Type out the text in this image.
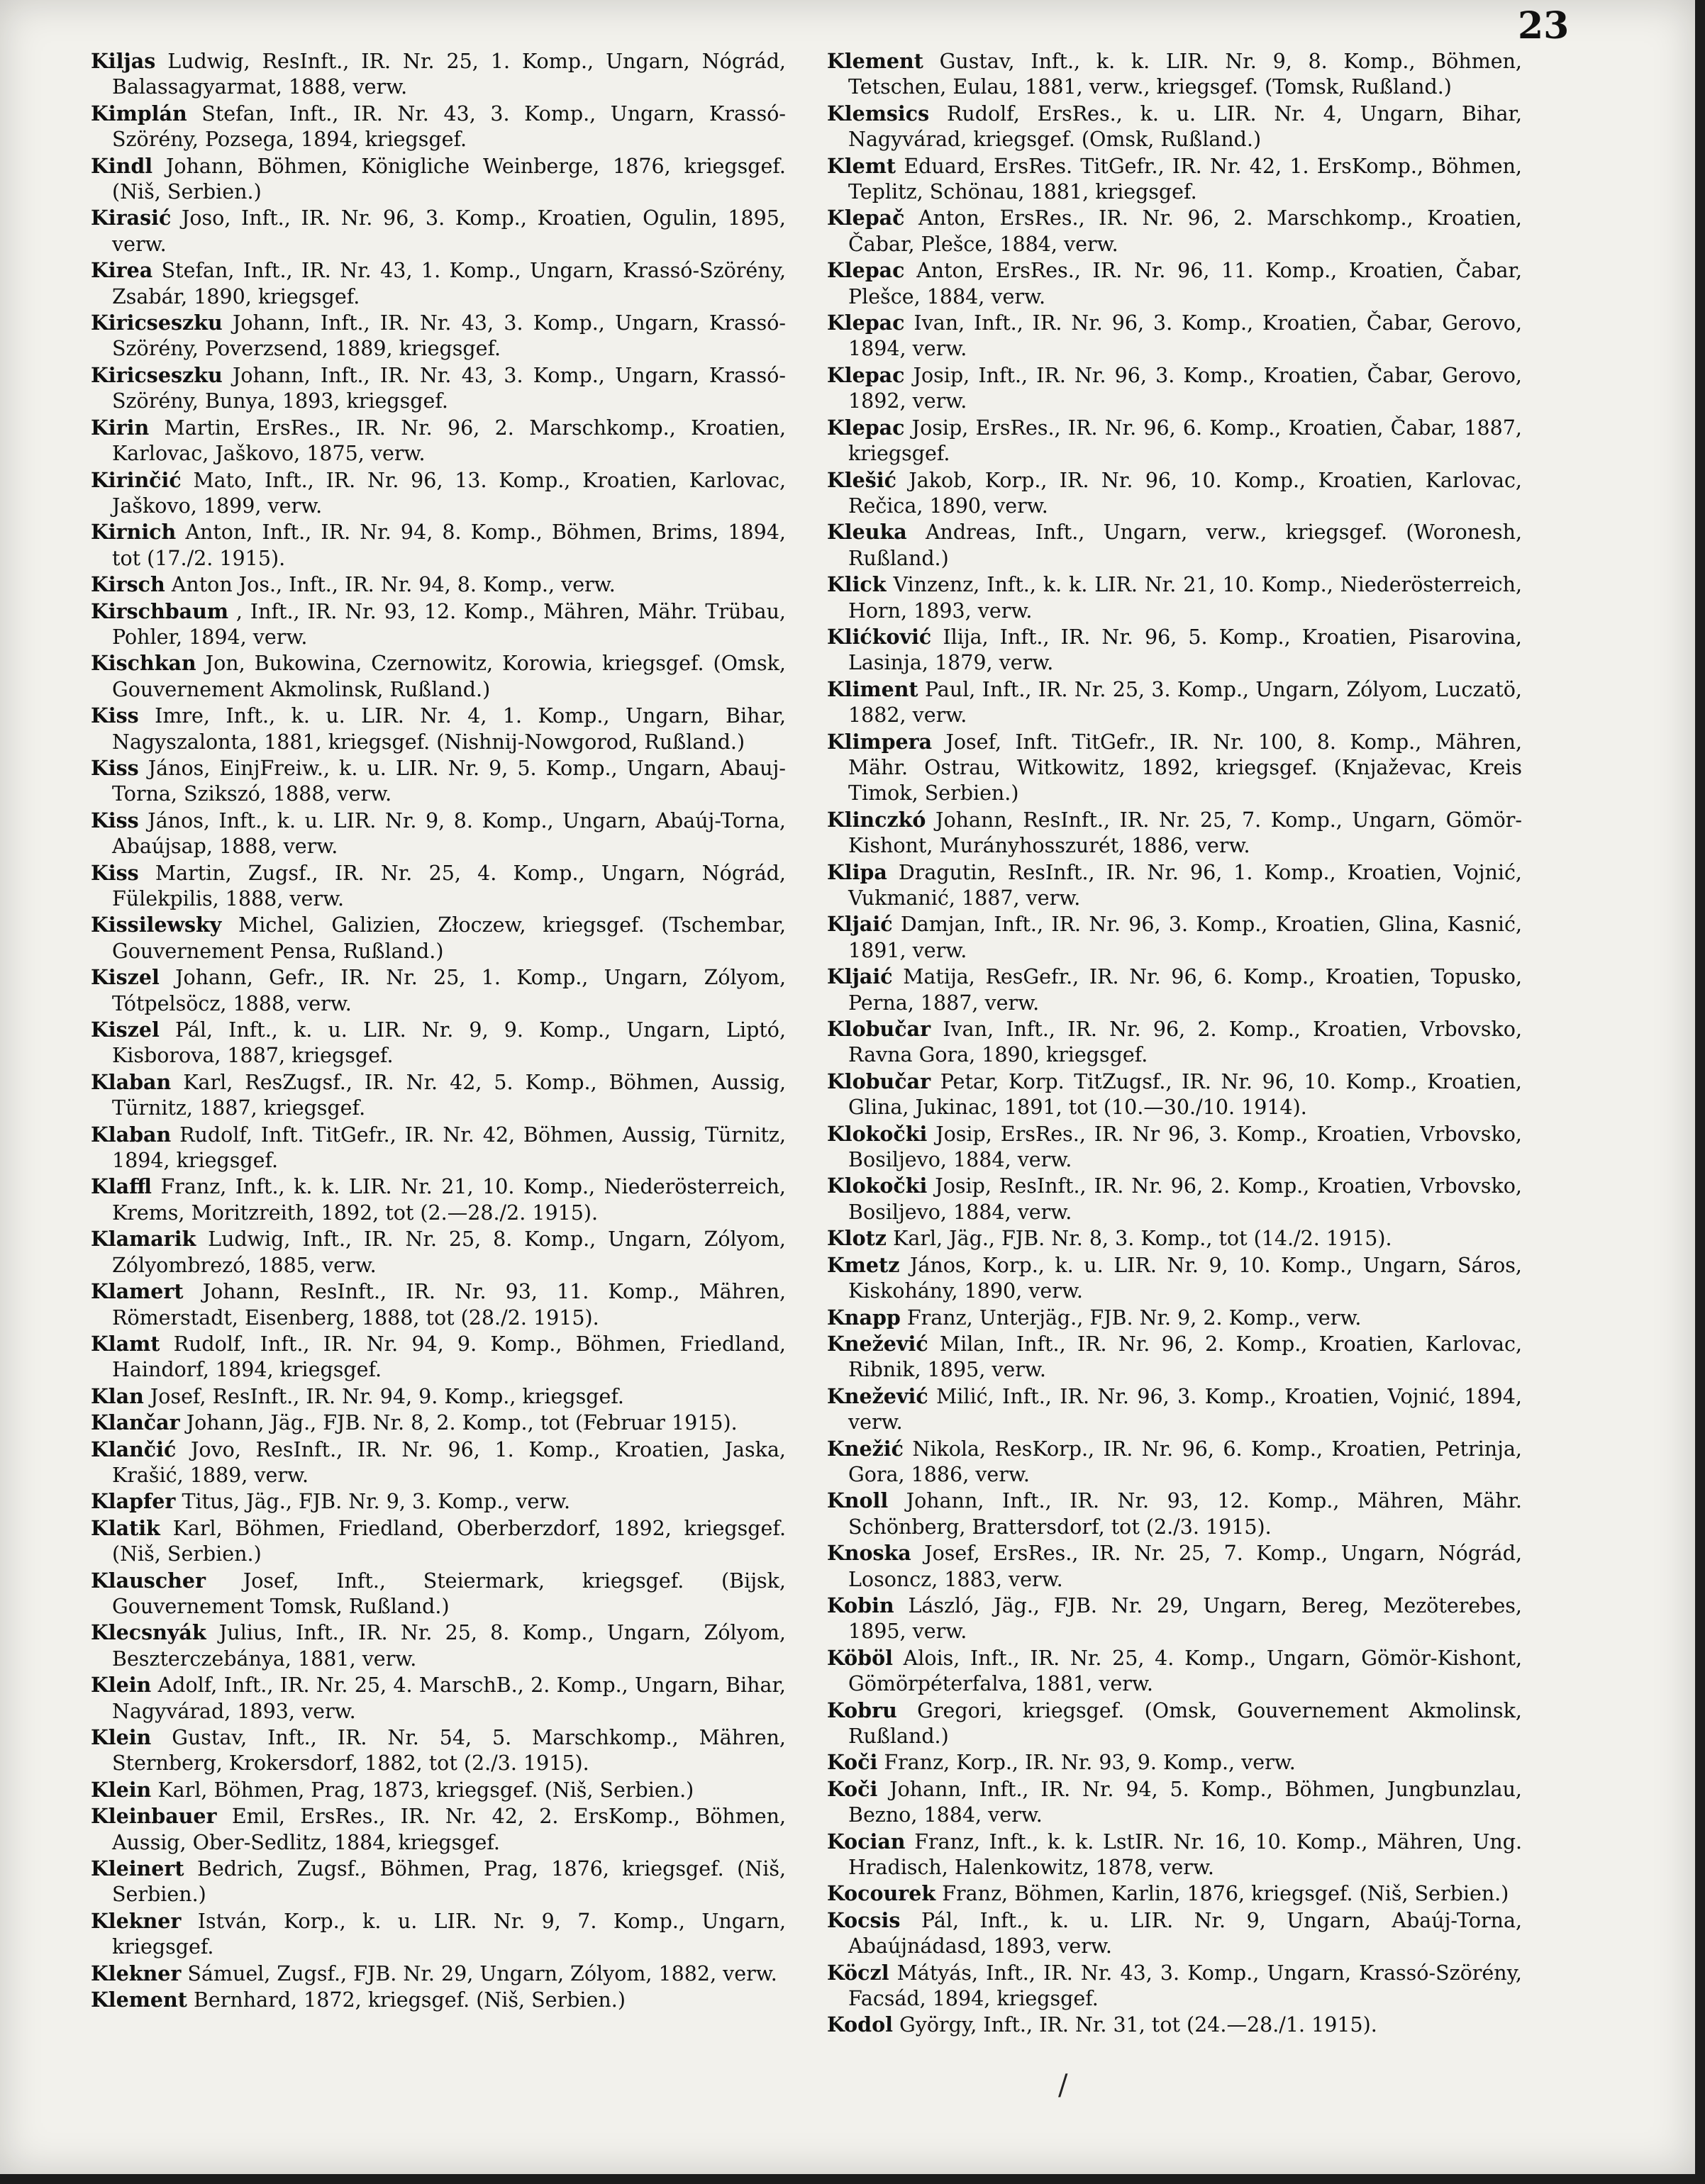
23

Kiljas Ludwig, ResInft., IR. Nr. 25, 1. Komp., Ungarn, Nógrád, Balassagyarmat, 1888, verw.

Kimplán Stefan, Inft., IR. Nr. 43, 3. Komp., Ungarn, Krassó-Szörény, Pozsega, 1894, kriegsgef.

Kindl Johann, Böhmen, Königliche Weinberge, 1876, kriegsgef. (Niš, Serbien.)

Kirasić Joso, Inft., IR. Nr. 96, 3. Komp., Kroatien, Ogulin, 1895, verw.

Kirea Stefan, Inft., IR. Nr. 43, 1. Komp., Ungarn, Krassó-Szörény, Zsabár, 1890, kriegsgef.

Kiricseszku Johann, Inft., IR. Nr. 43, 3. Komp., Ungarn, Krassó-Szörény, Poverzsend, 1889, kriegsgef.

Kiricseszku Johann, Inft., IR. Nr. 43, 3. Komp., Ungarn, Krassó-Szörény, Bunya, 1893, kriegsgef.

Kirin Martin, ErsRes., IR. Nr. 96, 2. Marschkomp., Kroatien, Karlovac, Jaškovo, 1875, verw.

Kirinčić Mato, Inft., IR. Nr. 96, 13. Komp., Kroatien, Karlovac, Jaškovo, 1899, verw.

Kirnich Anton, Inft., IR. Nr. 94, 8. Komp., Böhmen, Brims, 1894, tot (17./2. 1915).

Kirsch Anton Jos., Inft., IR. Nr. 94, 8. Komp., verw.

Kirschbaum , Inft., IR. Nr. 93, 12. Komp., Mähren, Mähr. Trübau, Pohler, 1894, verw.

Kischkan Jon, Bukowina, Czernowitz, Korowia, kriegsgef. (Omsk, Gouvernement Akmolinsk, Rußland.)

Kiss Imre, Inft., k. u. LIR. Nr. 4, 1. Komp., Ungarn, Bihar, Nagyszalonta, 1881, kriegsgef. (Nishnij-Nowgorod, Rußland.)

Kiss János, EinjFreiw., k. u. LIR. Nr. 9, 5. Komp., Ungarn, Abauj-Torna, Szikszó, 1888, verw.

Kiss János, Inft., k. u. LIR. Nr. 9, 8. Komp., Ungarn, Abaúj-Torna, Abaújsap, 1888, verw.

Kiss Martin, Zugsf., IR. Nr. 25, 4. Komp., Ungarn, Nógrád, Fülekpilis, 1888, verw.

Kissilewsky Michel, Galizien, Złoczew, kriegsgef. (Tschembar, Gouvernement Pensa, Rußland.)

Kiszel Johann, Gefr., IR. Nr. 25, 1. Komp., Ungarn, Zólyom, Tótpelsöcz, 1888, verw.

Kiszel Pál, Inft., k. u. LIR. Nr. 9, 9. Komp., Ungarn, Liptó, Kisborova, 1887, kriegsgef.

Klaban Karl, ResZugsf., IR. Nr. 42, 5. Komp., Böhmen, Aussig, Türnitz, 1887, kriegsgef.

Klaban Rudolf, Inft. TitGefr., IR. Nr. 42, Böhmen, Aussig, Türnitz, 1894, kriegsgef.

Klaffl Franz, Inft., k. k. LIR. Nr. 21, 10. Komp., Niederösterreich, Krems, Moritzreith, 1892, tot (2.—28./2. 1915).

Klamarik Ludwig, Inft., IR. Nr. 25, 8. Komp., Ungarn, Zólyom, Zólyombrezó, 1885, verw.

Klamert Johann, ResInft., IR. Nr. 93, 11. Komp., Mähren, Römerstadt, Eisenberg, 1888, tot (28./2. 1915).

Klamt Rudolf, Inft., IR. Nr. 94, 9. Komp., Böhmen, Friedland, Haindorf, 1894, kriegsgef.

Klan Josef, ResInft., IR. Nr. 94, 9. Komp., kriegsgef.

Klančar Johann, Jäg., FJB. Nr. 8, 2. Komp., tot (Februar 1915).

Klančić Jovo, ResInft., IR. Nr. 96, 1. Komp., Kroatien, Jaska, Krašić, 1889, verw.

Klapfer Titus, Jäg., FJB. Nr. 9, 3. Komp., verw.

Klatik Karl, Böhmen, Friedland, Oberberzdorf, 1892, kriegsgef. (Niš, Serbien.)

Klauscher Josef, Inft., Steiermark, kriegsgef. (Bijsk, Gouvernement Tomsk, Rußland.)

Klecsnyák Julius, Inft., IR. Nr. 25, 8. Komp., Ungarn, Zólyom, Beszterczebánya, 1881, verw.

Klein Adolf, Inft., IR. Nr. 25, 4. MarschB., 2. Komp., Ungarn, Bihar, Nagyvárad, 1893, verw.

Klein Gustav, Inft., IR. Nr. 54, 5. Marschkomp., Mähren, Sternberg, Krokersdorf, 1882, tot (2./3. 1915).

Klein Karl, Böhmen, Prag, 1873, kriegsgef. (Niš, Serbien.)

Kleinbauer Emil, ErsRes., IR. Nr. 42, 2. ErsKomp., Böhmen, Aussig, Ober-Sedlitz, 1884, kriegsgef.

Kleinert Bedrich, Zugsf., Böhmen, Prag, 1876, kriegsgef. (Niš, Serbien.)

Klekner István, Korp., k. u. LIR. Nr. 9, 7. Komp., Ungarn, kriegsgef.

Klekner Sámuel, Zugsf., FJB. Nr. 29, Ungarn, Zólyom, 1882, verw.

Klement Bernhard, 1872, kriegsgef. (Niš, Serbien.)

Klement Gustav, Inft., k. k. LIR. Nr. 9, 8. Komp., Böhmen, Tetschen, Eulau, 1881, verw., kriegsgef. (Tomsk, Rußland.)

Klemsics Rudolf, ErsRes., k. u. LIR. Nr. 4, Ungarn, Bihar, Nagyvárad, kriegsgef. (Omsk, Rußland.)

Klemt Eduard, ErsRes. TitGefr., IR. Nr. 42, 1. ErsKomp., Böhmen, Teplitz, Schönau, 1881, kriegsgef.

Klepač Anton, ErsRes., IR. Nr. 96, 2. Marschkomp., Kroatien, Čabar, Plešce, 1884, verw.

Klepac Anton, ErsRes., IR. Nr. 96, 11. Komp., Kroatien, Čabar, Plešce, 1884, verw.

Klepac Ivan, Inft., IR. Nr. 96, 3. Komp., Kroatien, Čabar, Gerovo, 1894, verw.

Klepac Josip, Inft., IR. Nr. 96, 3. Komp., Kroatien, Čabar, Gerovo, 1892, verw.

Klepac Josip, ErsRes., IR. Nr. 96, 6. Komp., Kroatien, Čabar, 1887, kriegsgef.

Klešić Jakob, Korp., IR. Nr. 96, 10. Komp., Kroatien, Karlovac, Rečica, 1890, verw.

Kleuka Andreas, Inft., Ungarn, verw., kriegsgef. (Woronesh, Rußland.)

Klick Vinzenz, Inft., k. k. LIR. Nr. 21, 10. Komp., Niederösterreich, Horn, 1893, verw.

Klićković Ilija, Inft., IR. Nr. 96, 5. Komp., Kroatien, Pisarovina, Lasinja, 1879, verw.

Kliment Paul, Inft., IR. Nr. 25, 3. Komp., Ungarn, Zólyom, Luczatö, 1882, verw.

Klimpera Josef, Inft. TitGefr., IR. Nr. 100, 8. Komp., Mähren, Mähr. Ostrau, Witkowitz, 1892, kriegsgef. (Knjaževac, Kreis Timok, Serbien.)

Klinczkó Johann, ResInft., IR. Nr. 25, 7. Komp., Ungarn, Gömör-Kishont, Murányhosszurét, 1886, verw.

Klipa Dragutin, ResInft., IR. Nr. 96, 1. Komp., Kroatien, Vojnić, Vukmanić, 1887, verw.

Kljaić Damjan, Inft., IR. Nr. 96, 3. Komp., Kroatien, Glina, Kasnić, 1891, verw.

Kljaić Matija, ResGefr., IR. Nr. 96, 6. Komp., Kroatien, Topusko, Perna, 1887, verw.

Klobučar Ivan, Inft., IR. Nr. 96, 2. Komp., Kroatien, Vrbovsko, Ravna Gora, 1890, kriegsgef.

Klobučar Petar, Korp. TitZugsf., IR. Nr. 96, 10. Komp., Kroatien, Glina, Jukinac, 1891, tot (10.—30./10. 1914).

Klokočki Josip, ErsRes., IR. Nr 96, 3. Komp., Kroatien, Vrbovsko, Bosiljevo, 1884, verw.

Klokočki Josip, ResInft., IR. Nr. 96, 2. Komp., Kroatien, Vrbovsko, Bosiljevo, 1884, verw.

Klotz Karl, Jäg., FJB. Nr. 8, 3. Komp., tot (14./2. 1915).

Kmetz János, Korp., k. u. LIR. Nr. 9, 10. Komp., Ungarn, Sáros, Kiskohány, 1890, verw.

Knapp Franz, Unterjäg., FJB. Nr. 9, 2. Komp., verw.

Knežević Milan, Inft., IR. Nr. 96, 2. Komp., Kroatien, Karlovac, Ribnik, 1895, verw.

Knežević Milić, Inft., IR. Nr. 96, 3. Komp., Kroatien, Vojnić, 1894, verw.

Knežić Nikola, ResKorp., IR. Nr. 96, 6. Komp., Kroatien, Petrinja, Gora, 1886, verw.

Knoll Johann, Inft., IR. Nr. 93, 12. Komp., Mähren, Mähr. Schönberg, Brattersdorf, tot (2./3. 1915).

Knoska Josef, ErsRes., IR. Nr. 25, 7. Komp., Ungarn, Nógrád, Losoncz, 1883, verw.

Kobin László, Jäg., FJB. Nr. 29, Ungarn, Bereg, Mezöterebes, 1895, verw.

Köböl Alois, Inft., IR. Nr. 25, 4. Komp., Ungarn, Gömör-Kishont, Gömörpéterfalva, 1881, verw.

Kobru Gregori, kriegsgef. (Omsk, Gouvernement Akmolinsk, Rußland.)

Koči Franz, Korp., IR. Nr. 93, 9. Komp., verw.

Koči Johann, Inft., IR. Nr. 94, 5. Komp., Böhmen, Jungbunzlau, Bezno, 1884, verw.

Kocian Franz, Inft., k. k. LstIR. Nr. 16, 10. Komp., Mähren, Ung. Hradisch, Halenkowitz, 1878, verw.

Kocourek Franz, Böhmen, Karlin, 1876, kriegsgef. (Niš, Serbien.)

Kocsis Pál, Inft., k. u. LIR. Nr. 9, Ungarn, Abaúj-Torna, Abaújnádasd, 1893, verw.

Köczl Mátyás, Inft., IR. Nr. 43, 3. Komp., Ungarn, Krassó-Szörény, Facsád, 1894, kriegsgef.

Kodol György, Inft., IR. Nr. 31, tot (24.—28./1. 1915).

/
